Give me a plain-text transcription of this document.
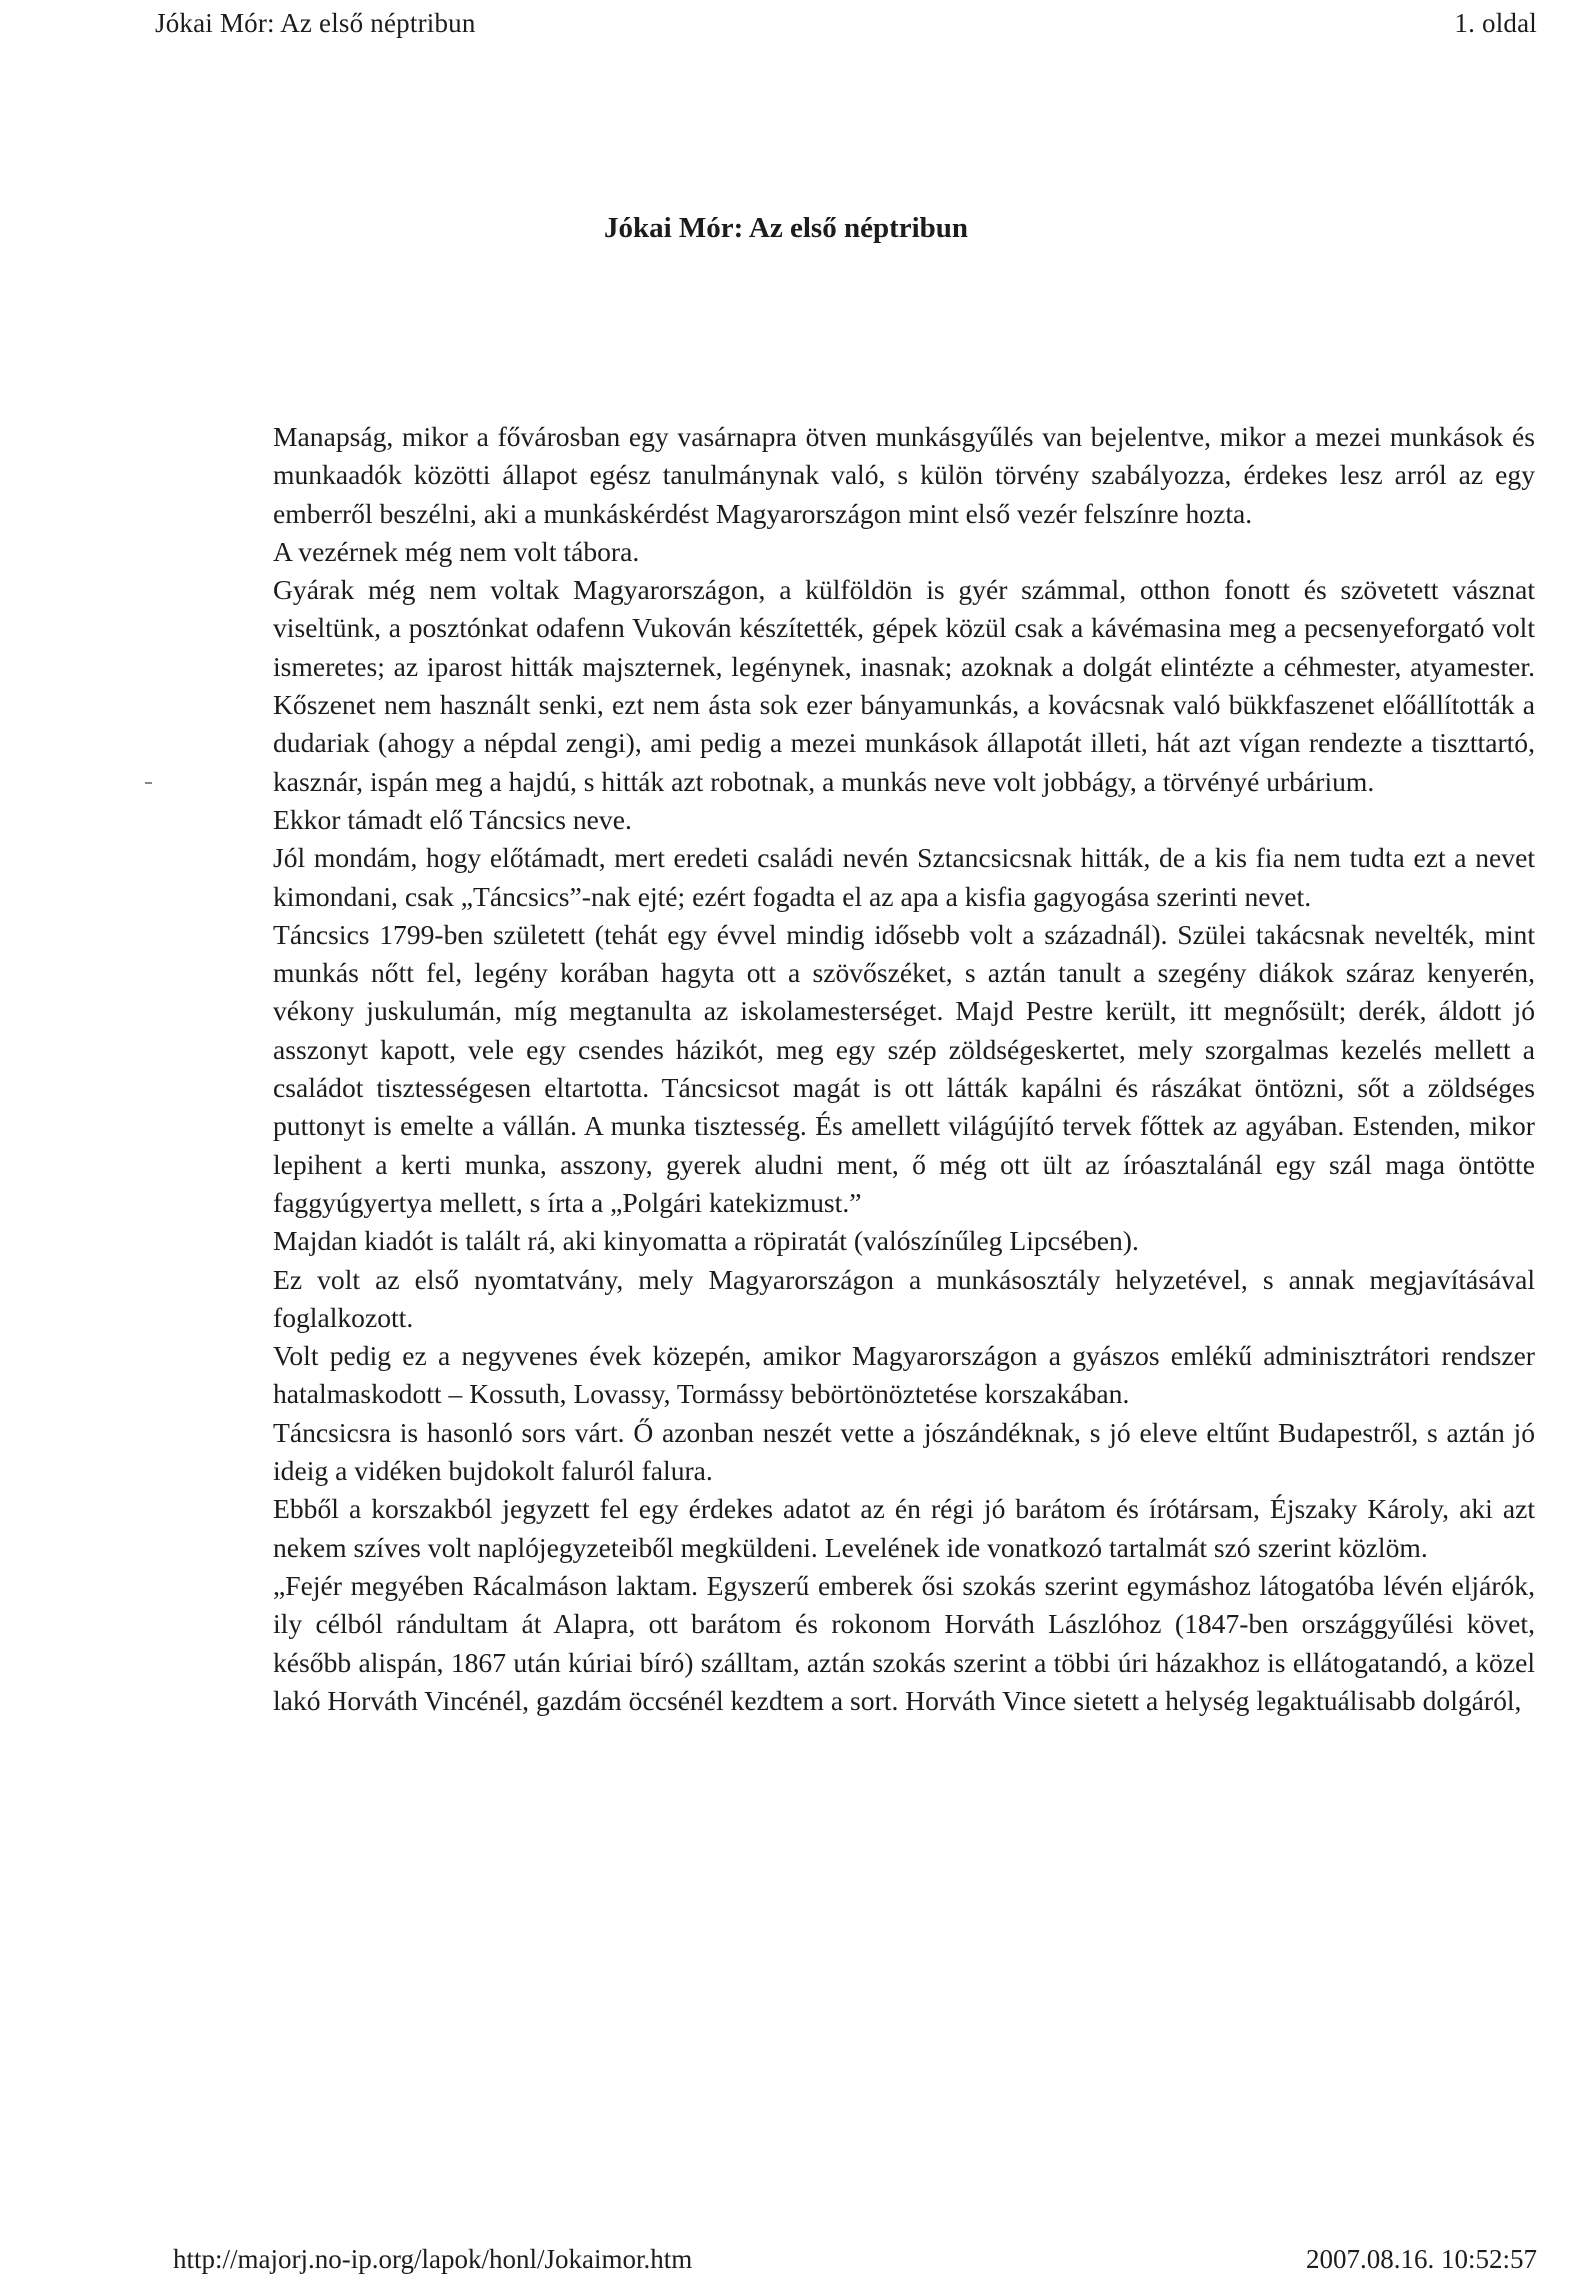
Jókai Mór: Az első néptribun	1. oldal
Jókai Mór: Az első néptribun

Manapság, mikor a fővárosban egy vasárnapra ötven munkásgyűlés van bejelentve, mikor a mezei munkások és munkaadók közötti állapot egész tanulmánynak való, s külön törvény szabályozza, érdekes lesz arról az egy emberről beszélni, aki a munkáskérdést Magyarországon mint első vezér felszínre hozta.

A vezérnek még nem volt tábora.

Gyárak még nem voltak Magyarországon, a külföldön is gyér számmal, otthon fonott és szövetett vásznat viseltünk, a posztónkat odafenn Vukován készítették, gépek közül csak a kávémasina meg a pecsenyeforgató volt ismeretes; az iparost hitták majszternek, legénynek, inasnak; azoknak a dolgát elintézte a céhmester, atyamester. Kőszenet nem használt senki, ezt nem ásta sok ezer bányamunkás, a kovácsnak való bükkfaszenet előállították a dudariak (ahogy a népdal zengi), ami pedig a mezei munkások állapotát illeti, hát azt vígan rendezte a tiszttartó, kasznár, ispán meg a hajdú, s hitták azt robotnak, a munkás neve volt jobbágy, a törvényé urbárium.

Ekkor támadt elő Táncsics neve.

Jól mondám, hogy előtámadt, mert eredeti családi nevén Sztancsicsnak hitták, de a kis fia nem tudta ezt a nevet kimondani, csak „Táncsics”-nak ejté; ezért fogadta el az apa a kisfia gagyogása szerinti nevet.

Táncsics 1799-ben született (tehát egy évvel mindig idősebb volt a századnál). Szülei takácsnak nevelték, mint munkás nőtt fel, legény korában hagyta ott a szövőszéket, s aztán tanult a szegény diákok száraz kenyerén, vékony juskulumán, míg megtanulta az iskolamesterséget. Majd Pestre került, itt megnősült; derék, áldott jó asszonyt kapott, vele egy csendes házikót, meg egy szép zöldségeskertet, mely szorgalmas kezelés mellett a családot tisztességesen eltartotta. Táncsicsot magát is ott látták kapálni és rászákat öntözni, sőt a zöldséges puttonyt is emelte a vállán. A munka tisztesség. És amellett világújító tervek főttek az agyában. Estenden, mikor lepihent a kerti munka, asszony, gyerek aludni ment, ő még ott ült az íróasztalánál egy szál maga öntötte faggyúgyertya mellett, s írta a „Polgári katekizmust.”

Majdan kiadót is talált rá, aki kinyomatta a röpiratát (valószínűleg Lipcsében).

Ez volt az első nyomtatvány, mely Magyarországon a munkásosztály helyzetével, s annak megjavításával foglalkozott.

Volt pedig ez a negyvenes évek közepén, amikor Magyarországon a gyászos emlékű adminisztrátori rendszer hatalmaskodott – Kossuth, Lovassy, Tormássy bebörtönöztetése korszakában.

Táncsicsra is hasonló sors várt. Ő azonban neszét vette a jószándéknak, s jó eleve eltűnt Budapestről, s aztán jó ideig a vidéken bujdokolt faluról falura.

Ebből a korszakból jegyzett fel egy érdekes adatot az én régi jó barátom és írótársam, Éjszaky Károly, aki azt nekem szíves volt naplójegyzeteiből megküldeni. Levelének ide vonatkozó tartalmát szó szerint közlöm.

„Fejér megyében Rácalmáson laktam. Egyszerű emberek ősi szokás szerint egymáshoz látogatóba lévén eljárók, ily célból rándultam át Alapra, ott barátom és rokonom Horváth Lászlóhoz (1847-ben országgyűlési követ, később alispán, 1867 után kúriai bíró) szálltam, aztán szokás szerint a többi úri házakhoz is ellátogatandó, a közel lakó Horváth Vincénél, gazdám öccsénél kezdtem a sort. Horváth Vince sietett a helység legaktuálisabb dolgáról,

http://majorj.no-ip.org/lapok/honl/Jokaimor.htm	2007.08.16. 10:52:57
